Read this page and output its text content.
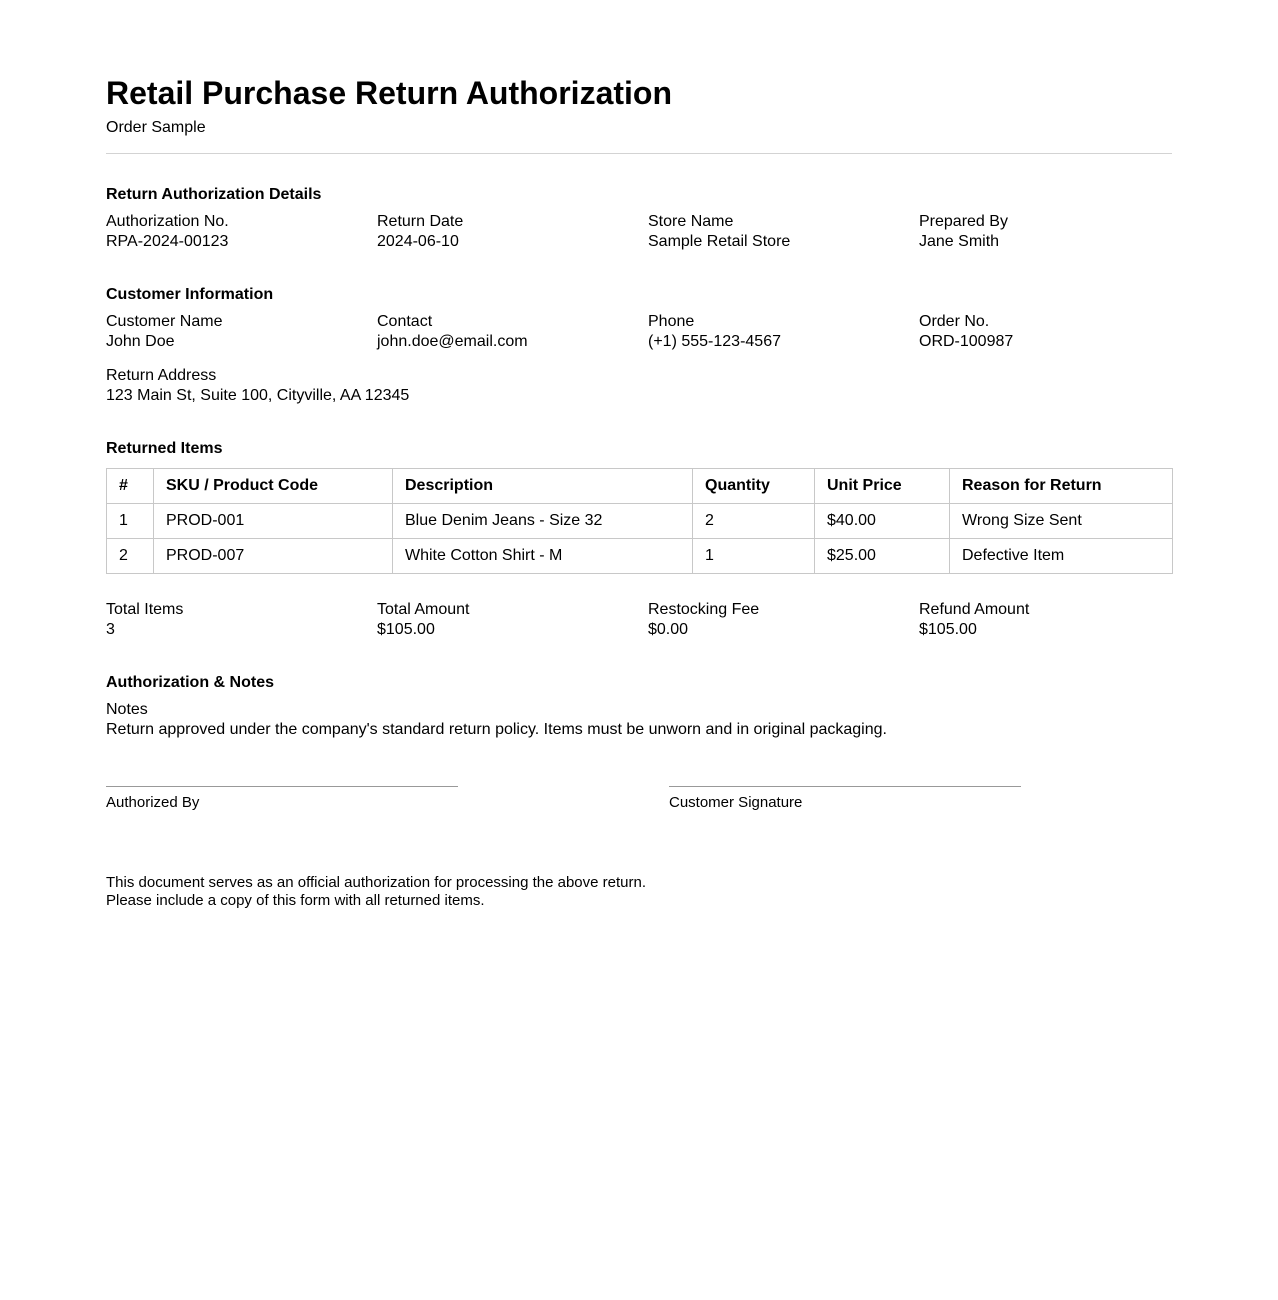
Retail Purchase Return Authorization
Order Sample
Return Authorization Details
Authorization No.
RPA-2024-00123
Return Date
2024-06-10
Store Name
Sample Retail Store
Prepared By
Jane Smith
Customer Information
Customer Name
John Doe
Contact
john.doe@email.com
Phone
(+1) 555-123-4567
Order No.
ORD-100987
Return Address
123 Main St, Suite 100, Cityville, AA 12345
Returned Items
#	SKU / Product Code	Description	Quantity	Unit Price	Reason for Return
1	PROD-001	Blue Denim Jeans - Size 32	2	$40.00	Wrong Size Sent
2	PROD-007	White Cotton Shirt - M	1	$25.00	Defective Item
Total Items
3
Total Amount
$105.00
Restocking Fee
$0.00
Refund Amount
$105.00
Authorization & Notes
Notes
Return approved under the company's standard return policy. Items must be unworn and in original packaging.
Authorized By	Customer Signature
This document serves as an official authorization for processing the above return.
Please include a copy of this form with all returned items.
